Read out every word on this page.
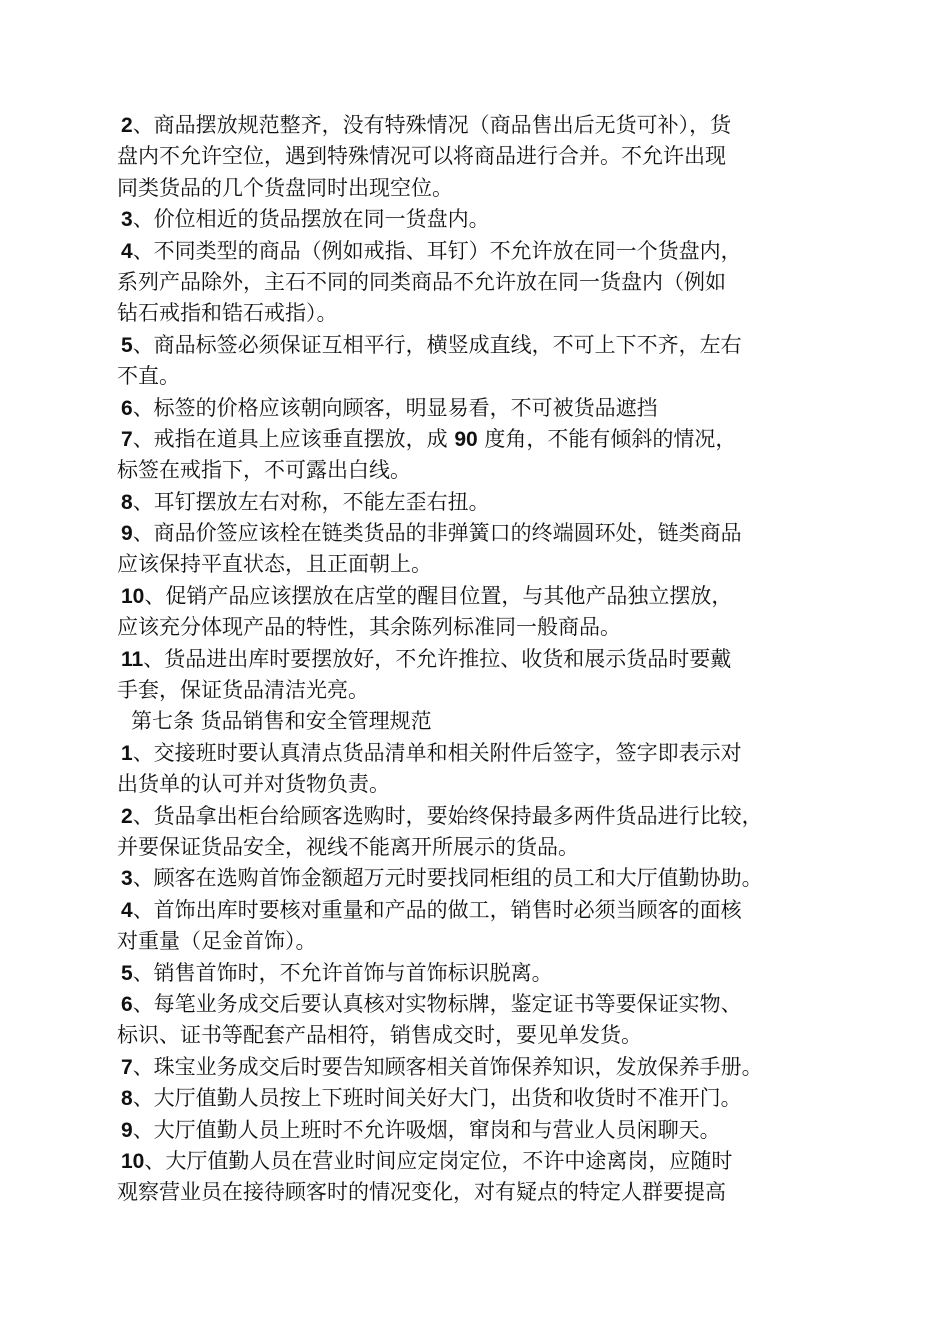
2、商品摆放规范整齐，没有特殊情况（商品售出后无货可补），货
盘内不允许空位，遇到特殊情况可以将商品进行合并。不允许出现
同类货品的几个货盘同时出现空位。
3、价位相近的货品摆放在同一货盘内。
4、不同类型的商品（例如戒指、耳钉）不允许放在同一个货盘内，
系列产品除外，主石不同的同类商品不允许放在同一货盘内（例如
钻石戒指和锆石戒指）。
5、商品标签必须保证互相平行，横竖成直线，不可上下不齐，左右
不直。
6、标签的价格应该朝向顾客，明显易看，不可被货品遮挡
7、戒指在道具上应该垂直摆放，成 90 度角，不能有倾斜的情况，
标签在戒指下，不可露出白线。
8、耳钉摆放左右对称，不能左歪右扭。
9、商品价签应该栓在链类货品的非弹簧口的终端圆环处，链类商品
应该保持平直状态，且正面朝上。
10、促销产品应该摆放在店堂的醒目位置，与其他产品独立摆放，
应该充分体现产品的特性，其余陈列标准同一般商品。
11、货品进出库时要摆放好，不允许推拉、收货和展示货品时要戴
手套，保证货品清洁光亮。
第七条 货品销售和安全管理规范
1、交接班时要认真清点货品清单和相关附件后签字，签字即表示对
出货单的认可并对货物负责。
2、货品拿出柜台给顾客选购时，要始终保持最多两件货品进行比较，
并要保证货品安全，视线不能离开所展示的货品。
3、顾客在选购首饰金额超万元时要找同柜组的员工和大厅值勤协助。
4、首饰出库时要核对重量和产品的做工，销售时必须当顾客的面核
对重量（足金首饰）。
5、销售首饰时，不允许首饰与首饰标识脱离。
6、每笔业务成交后要认真核对实物标牌，鉴定证书等要保证实物、
标识、证书等配套产品相符，销售成交时，要见单发货。
7、珠宝业务成交后时要告知顾客相关首饰保养知识，发放保养手册。
8、大厅值勤人员按上下班时间关好大门，出货和收货时不准开门。
9、大厅值勤人员上班时不允许吸烟，窜岗和与营业人员闲聊天。
10、大厅值勤人员在营业时间应定岗定位，不许中途离岗，应随时
观察营业员在接待顾客时的情况变化，对有疑点的特定人群要提高
